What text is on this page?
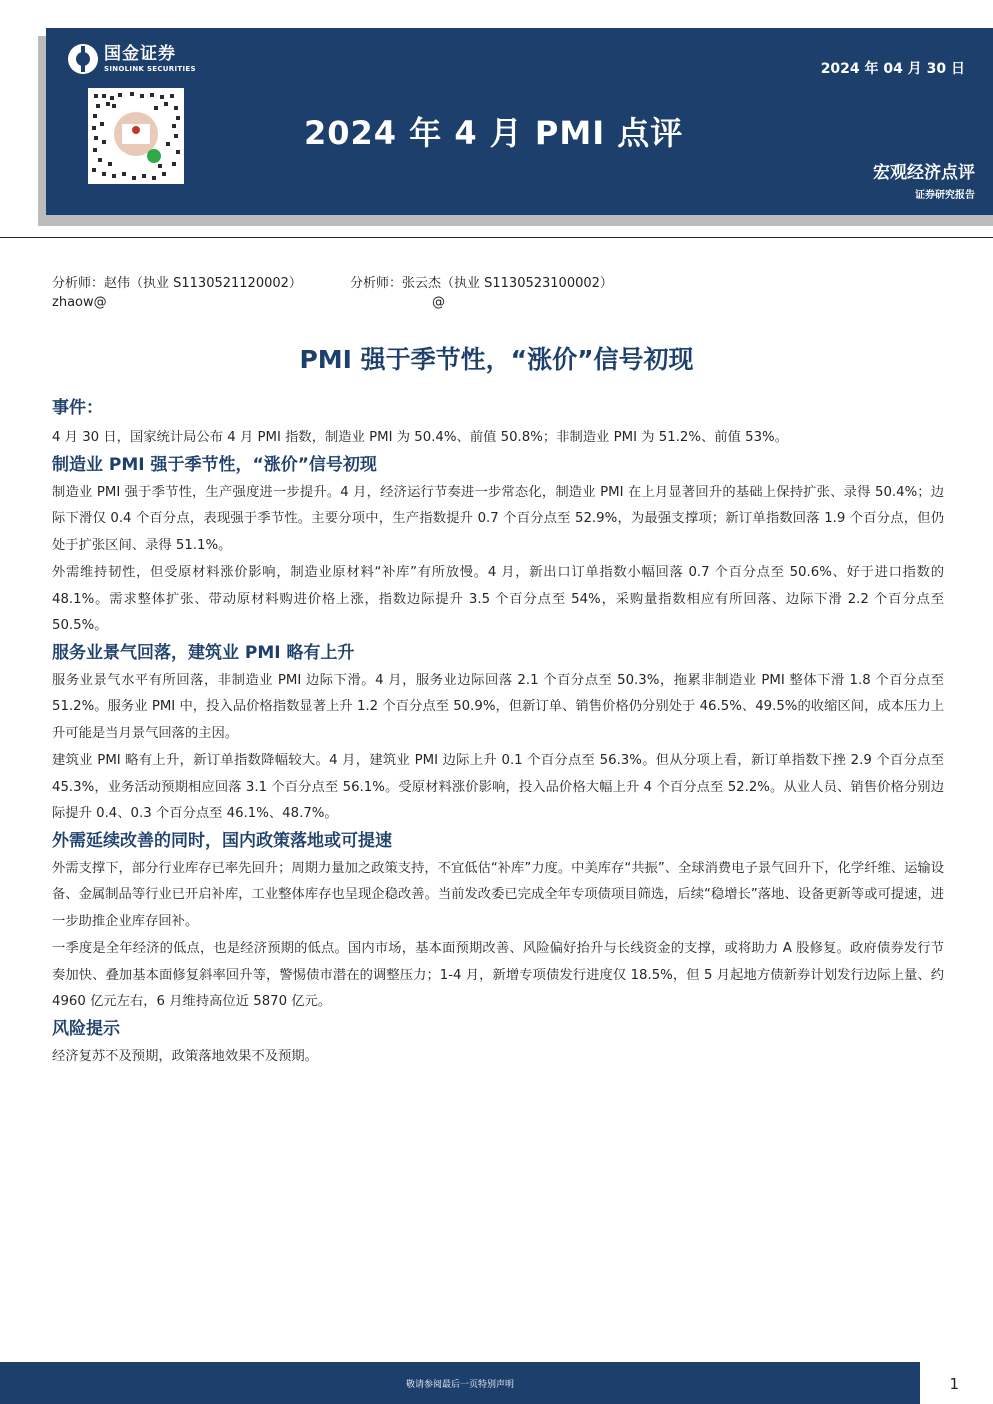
国金证券
SINOLINK SECURITIES	2024 年 04 月 30 日
2024 年 4 月 PMI 点评
宏观经济点评
证券研究报告
分析师：赵伟（执业 S1130521120002）	分析师：张云杰（执业 S1130523100002）
zhaow@	@
PMI 强于季节性，“涨价”信号初现
事件：
4 月 30 日，国家统计局公布 4 月 PMI 指数，制造业 PMI 为 50.4%、前值 50.8%；非制造业 PMI 为 51.2%、前值 53%。
制造业 PMI 强于季节性，“涨价”信号初现
制造业 PMI 强于季节性，生产强度进一步提升。4 月，经济运行节奏进一步常态化，制造业 PMI 在上月显著回升的基础上保持扩张、录得 50.4%；边际下滑仅 0.4 个百分点，表现强于季节性。主要分项中，生产指数提升 0.7 个百分点至 52.9%，为最强支撑项；新订单指数回落 1.9 个百分点，但仍处于扩张区间、录得 51.1%。
外需维持韧性，但受原材料涨价影响，制造业原材料“补库”有所放慢。4 月，新出口订单指数小幅回落 0.7 个百分点至 50.6%、好于进口指数的 48.1%。需求整体扩张、带动原材料购进价格上涨，指数边际提升 3.5 个百分点至 54%，采购量指数相应有所回落、边际下滑 2.2 个百分点至 50.5%。
服务业景气回落，建筑业 PMI 略有上升
服务业景气水平有所回落，非制造业 PMI 边际下滑。4 月，服务业边际回落 2.1 个百分点至 50.3%，拖累非制造业 PMI 整体下滑 1.8 个百分点至 51.2%。服务业 PMI 中，投入品价格指数显著上升 1.2 个百分点至 50.9%，但新订单、销售价格仍分别处于 46.5%、49.5%的收缩区间，成本压力上升可能是当月景气回落的主因。
建筑业 PMI 略有上升，新订单指数降幅较大。4 月，建筑业 PMI 边际上升 0.1 个百分点至 56.3%。但从分项上看，新订单指数下挫 2.9 个百分点至 45.3%，业务活动预期相应回落 3.1 个百分点至 56.1%。受原材料涨价影响，投入品价格大幅上升 4 个百分点至 52.2%。从业人员、销售价格分别边际提升 0.4、0.3 个百分点至 46.1%、48.7%。
外需延续改善的同时，国内政策落地或可提速
外需支撑下，部分行业库存已率先回升；周期力量加之政策支持，不宜低估“补库”力度。中美库存“共振”、全球消费电子景气回升下，化学纤维、运输设备、金属制品等行业已开启补库，工业整体库存也呈现企稳改善。当前发改委已完成全年专项债项目筛选，后续“稳增长”落地、设备更新等或可提速，进一步助推企业库存回补。
一季度是全年经济的低点，也是经济预期的低点。国内市场，基本面预期改善、风险偏好抬升与长线资金的支撑，或将助力 A 股修复。政府债券发行节奏加快、叠加基本面修复斜率回升等，警惕债市潜在的调整压力；1-4 月，新增专项债发行进度仅 18.5%，但 5 月起地方债新券计划发行边际上量、约 4960 亿元左右，6 月维持高位近 5870 亿元。
风险提示
经济复苏不及预期，政策落地效果不及预期。
敬请参阅最后一页特别声明	1
